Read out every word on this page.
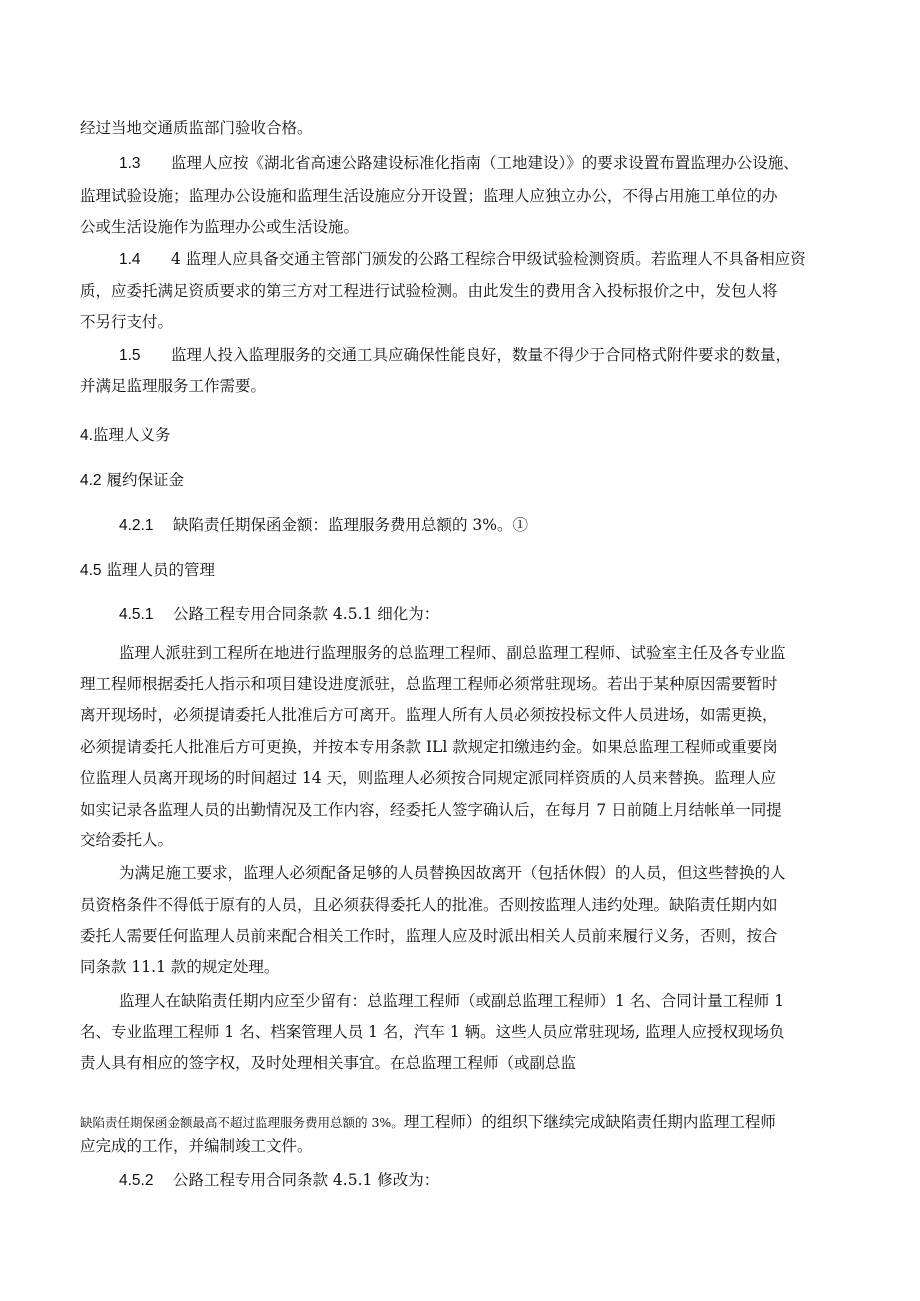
经过当地交通质监部门验收合格。
1.3 监理人应按《湖北省高速公路建设标准化指南（工地建设）》的要求设置布置监理办公设施、
监理试验设施；监理办公设施和监理生活设施应分开设置；监理人应独立办公，不得占用施工单位的办
公或生活设施作为监理办公或生活设施。
1.4 4 监理人应具备交通主管部门颁发的公路工程综合甲级试验检测资质。若监理人不具备相应资
质，应委托满足资质要求的第三方对工程进行试验检测。由此发生的费用含入投标报价之中，发包人将
不另行支付。
1.5 监理人投入监理服务的交通工具应确保性能良好，数量不得少于合同格式附件要求的数量，
并满足监理服务工作需要。
4.监理人义务
4.2 履约保证金
4.2.1 缺陷责任期保函金额：监理服务费用总额的 3%。①
4.5 监理人员的管理
4.5.1 公路工程专用合同条款 4.5.1 细化为：
监理人派驻到工程所在地进行监理服务的总监理工程师、副总监理工程师、试验室主任及各专业监
理工程师根据委托人指示和项目建设进度派驻，总监理工程师必须常驻现场。若出于某种原因需要暂时
离开现场时，必须提请委托人批准后方可离开。监理人所有人员必须按投标文件人员进场，如需更换，
必须提请委托人批准后方可更换，并按本专用条款 ILl 款规定扣缴违约金。如果总监理工程师或重要岗
位监理人员离开现场的时间超过 14 天，则监理人必须按合同规定派同样资质的人员来替换。监理人应
如实记录各监理人员的出勤情况及工作内容，经委托人签字确认后，在每月 7 日前随上月结帐单一同提
交给委托人。
为满足施工要求，监理人必须配备足够的人员替换因故离开（包括休假）的人员，但这些替换的人
员资格条件不得低于原有的人员，且必须获得委托人的批准。否则按监理人违约处理。缺陷责任期内如
委托人需要任何监理人员前来配合相关工作时，监理人应及时派出相关人员前来履行义务，否则，按合
同条款 11.1 款的规定处理。
监理人在缺陷责任期内应至少留有：总监理工程师（或副总监理工程师）1 名、合同计量工程师 1
名、专业监理工程师 1 名、档案管理人员 1 名，汽车 1 辆。这些人员应常驻现场, 监理人应授权现场负
责人具有相应的签字权，及时处理相关事宜。在总监理工程师（或副总监
缺陷责任期保函金额最高不超过监理服务费用总额的 3%。理工程师）的组织下继续完成缺陷责任期内监理工程师
应完成的工作，并编制竣工文件。
4.5.2 公路工程专用合同条款 4.5.1 修改为：
